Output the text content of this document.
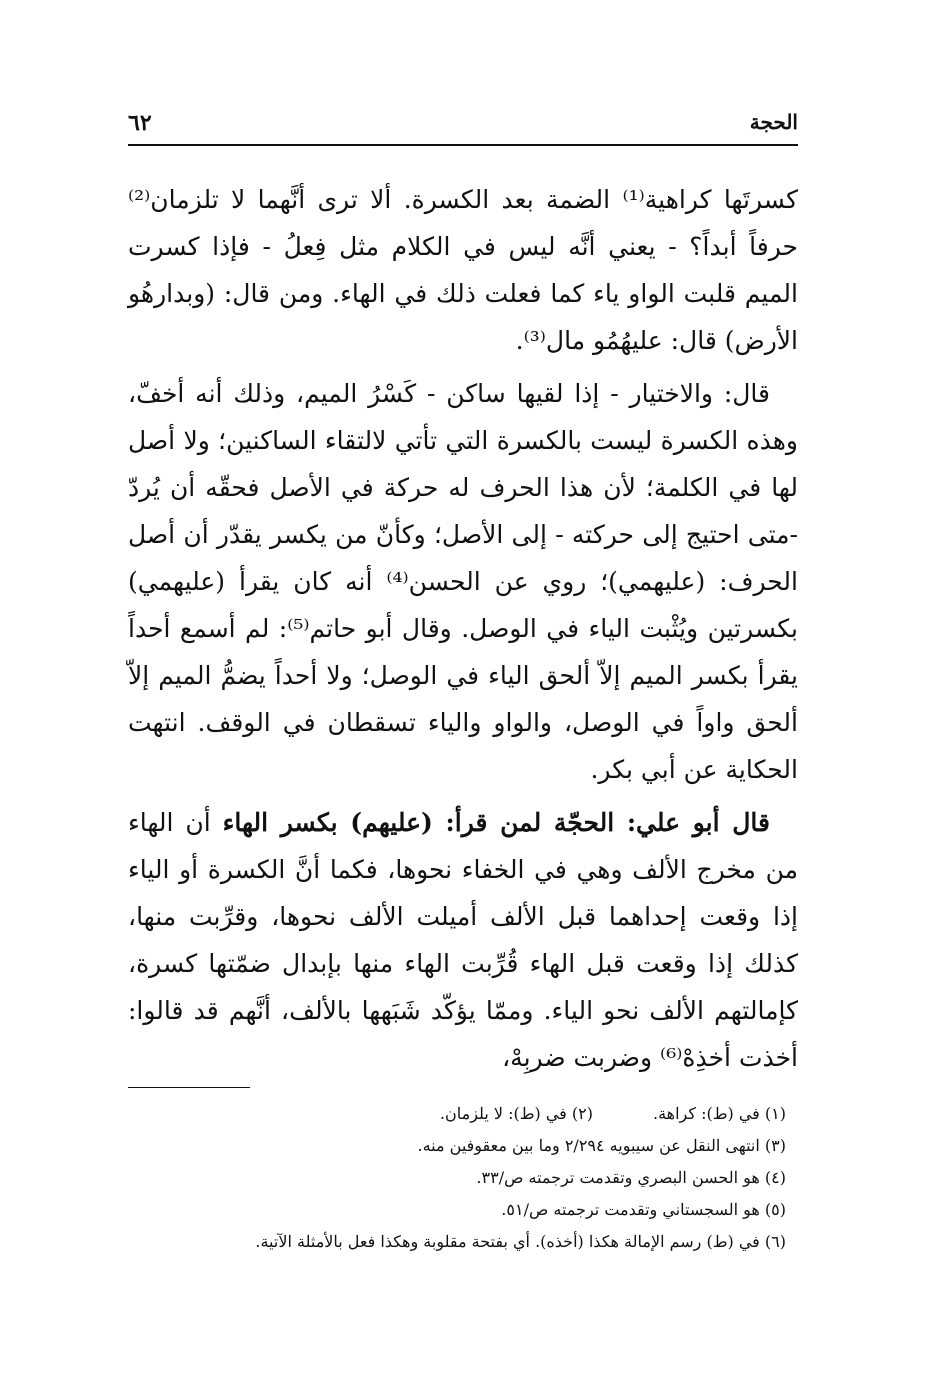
الحجة
٦٢

كسرتَها كراهية⁽¹⁾ الضمة بعد الكسرة. ألا ترى أنَّهما لا تلزمان⁽²⁾ حرفاً أبداً؟ - يعني أنَّه ليس في الكلام مثل فِعلُ - فإذا كسرت الميم قلبت الواو ياء كما فعلت ذلك في الهاء. ومن قال: (وبدارهُو الأرض) قال: عليهُمُو مال⁽³⁾.

قال: والاختيار - إذا لقيها ساكن - كَسْرُ الميم، وذلك أنه أخفّ، وهذه الكسرة ليست بالكسرة التي تأتي لالتقاء الساكنين؛ ولا أصل لها في الكلمة؛ لأن هذا الحرف له حركة في الأصل فحقّه أن يُردّ -متى احتيج إلى حركته - إلى الأصل؛ وكأنّ من يكسر يقدّر أن أصل الحرف: (عليهمي)؛ روي عن الحسن⁽⁴⁾ أنه كان يقرأ (عليهمي) بكسرتين ويُثْبت الياء في الوصل. وقال أبو حاتم⁽⁵⁾: لم أسمع أحداً يقرأ بكسر الميم إلاّ ألحق الياء في الوصل؛ ولا أحداً يضمُّ الميم إلاّ ألحق واواً في الوصل، والواو والياء تسقطان في الوقف. انتهت الحكاية عن أبي بكر.

قال أبو علي: الحجّة لمن قرأ: (عليهم) بكسر الهاء أن الهاء من مخرج الألف وهي في الخفاء نحوها، فكما أنَّ الكسرة أو الياء إذا وقعت إحداهما قبل الألف أميلت الألف نحوها، وقرِّبت منها، كذلك إذا وقعت قبل الهاء قُرِّبت الهاء منها بإبدال ضمّتها كسرة، كإمالتهم الألف نحو الياء. وممّا يؤكّد شَبَهها بالألف، أنَّهم قد قالوا: أخذت أخذِهْ⁽⁶⁾ وضربت ضربِهْ،

(١) في (ط): كراهة.
(٢) في (ط): لا يلزمان.
(٣) انتهى النقل عن سيبويه ٢/٢٩٤ وما بين معقوفين منه.
(٤) هو الحسن البصري وتقدمت ترجمته ص/٣٣.
(٥) هو السجستاني وتقدمت ترجمته ص/٥١.
(٦) في (ط) رسم الإمالة هكذا (أخذه). أي بفتحة مقلوبة وهكذا فعل بالأمثلة الآتية.
